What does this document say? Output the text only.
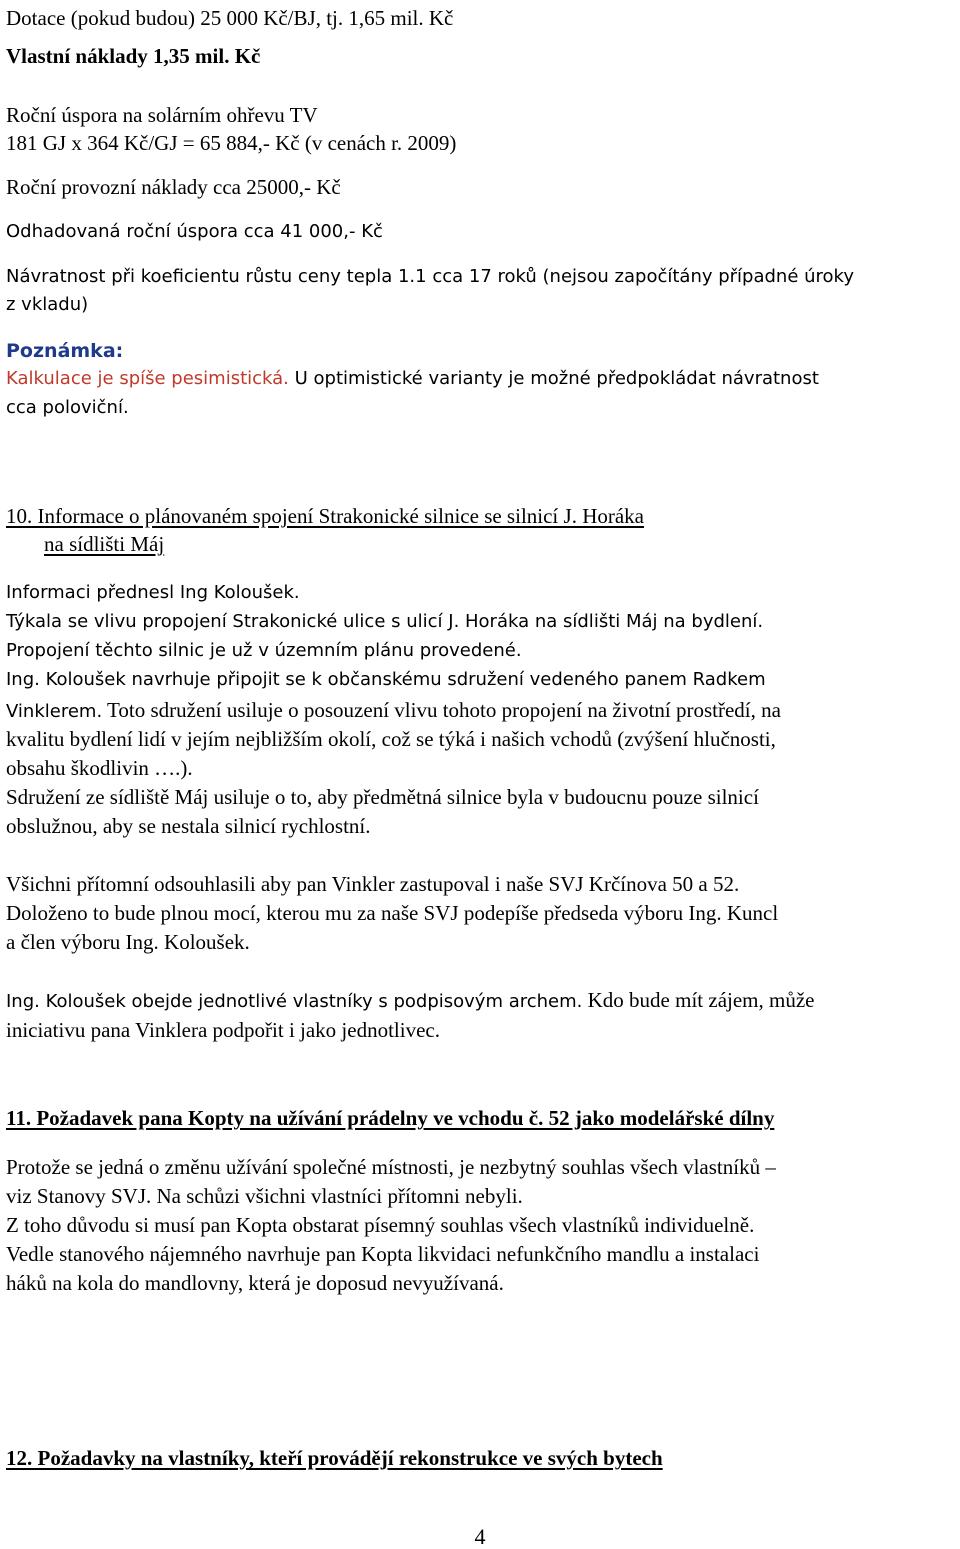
Dotace (pokud budou) 25 000 Kč/BJ, tj. 1,65 mil. Kč

Vlastní náklady 1,35 mil. Kč

Roční úspora na solárním ohřevu TV

181 GJ x 364 Kč/GJ = 65 884,- Kč (v cenách r. 2009)

Roční provozní náklady cca 25000,- Kč

Odhadovaná roční úspora cca 41 000,- Kč

Návratnost při koeficientu růstu ceny tepla 1.1 cca 17 roků (nejsou započítány případné úroky

z vkladu)

Poznámka:

Kalkulace je spíše pesimistická. U optimistické varianty je možné předpokládat návratnost

cca poloviční.

10. Informace o plánovaném spojení Strakonické silnice se silnicí J. Horáka

na sídlišti Máj

Informaci přednesl Ing Koloušek.

Týkala se vlivu propojení Strakonické ulice s ulicí J. Horáka na sídlišti Máj na bydlení.

Propojení těchto silnic je už v územním plánu provedené.

Ing. Koloušek navrhuje připojit se k občanskému sdružení vedeného panem Radkem

Vinklerem. Toto sdružení usiluje o posouzení vlivu tohoto propojení na životní prostředí, na

kvalitu bydlení lidí v jejím nejbližším okolí, což se týká i našich vchodů (zvýšení hlučnosti,

obsahu škodlivin ….).

Sdružení ze sídliště Máj usiluje o to, aby předmětná silnice byla v budoucnu pouze silnicí

obslužnou, aby se nestala silnicí rychlostní.

Všichni přítomní odsouhlasili aby pan Vinkler zastupoval i naše SVJ Krčínova 50 a 52.

Doloženo to bude plnou mocí, kterou mu za naše SVJ podepíše předseda výboru Ing. Kuncl

a člen výboru Ing. Koloušek.

Ing. Koloušek obejde jednotlivé vlastníky s podpisovým archem. Kdo bude mít zájem, může

iniciativu pana Vinklera podpořit i jako jednotlivec.

11. Požadavek pana Kopty na užívání prádelny ve vchodu č. 52 jako modelářské dílny

Protože se jedná o změnu užívání společné místnosti, je nezbytný souhlas všech vlastníků –

viz Stanovy SVJ. Na schůzi všichni vlastníci přítomni nebyli.

Z toho důvodu si musí pan Kopta obstarat písemný souhlas všech vlastníků individuelně.

Vedle stanového nájemného navrhuje pan Kopta likvidaci nefunkčního mandlu a instalaci

háků na kola do mandlovny, která je doposud nevyužívaná.

12. Požadavky na vlastníky, kteří provádějí rekonstrukce ve svých bytech

4
